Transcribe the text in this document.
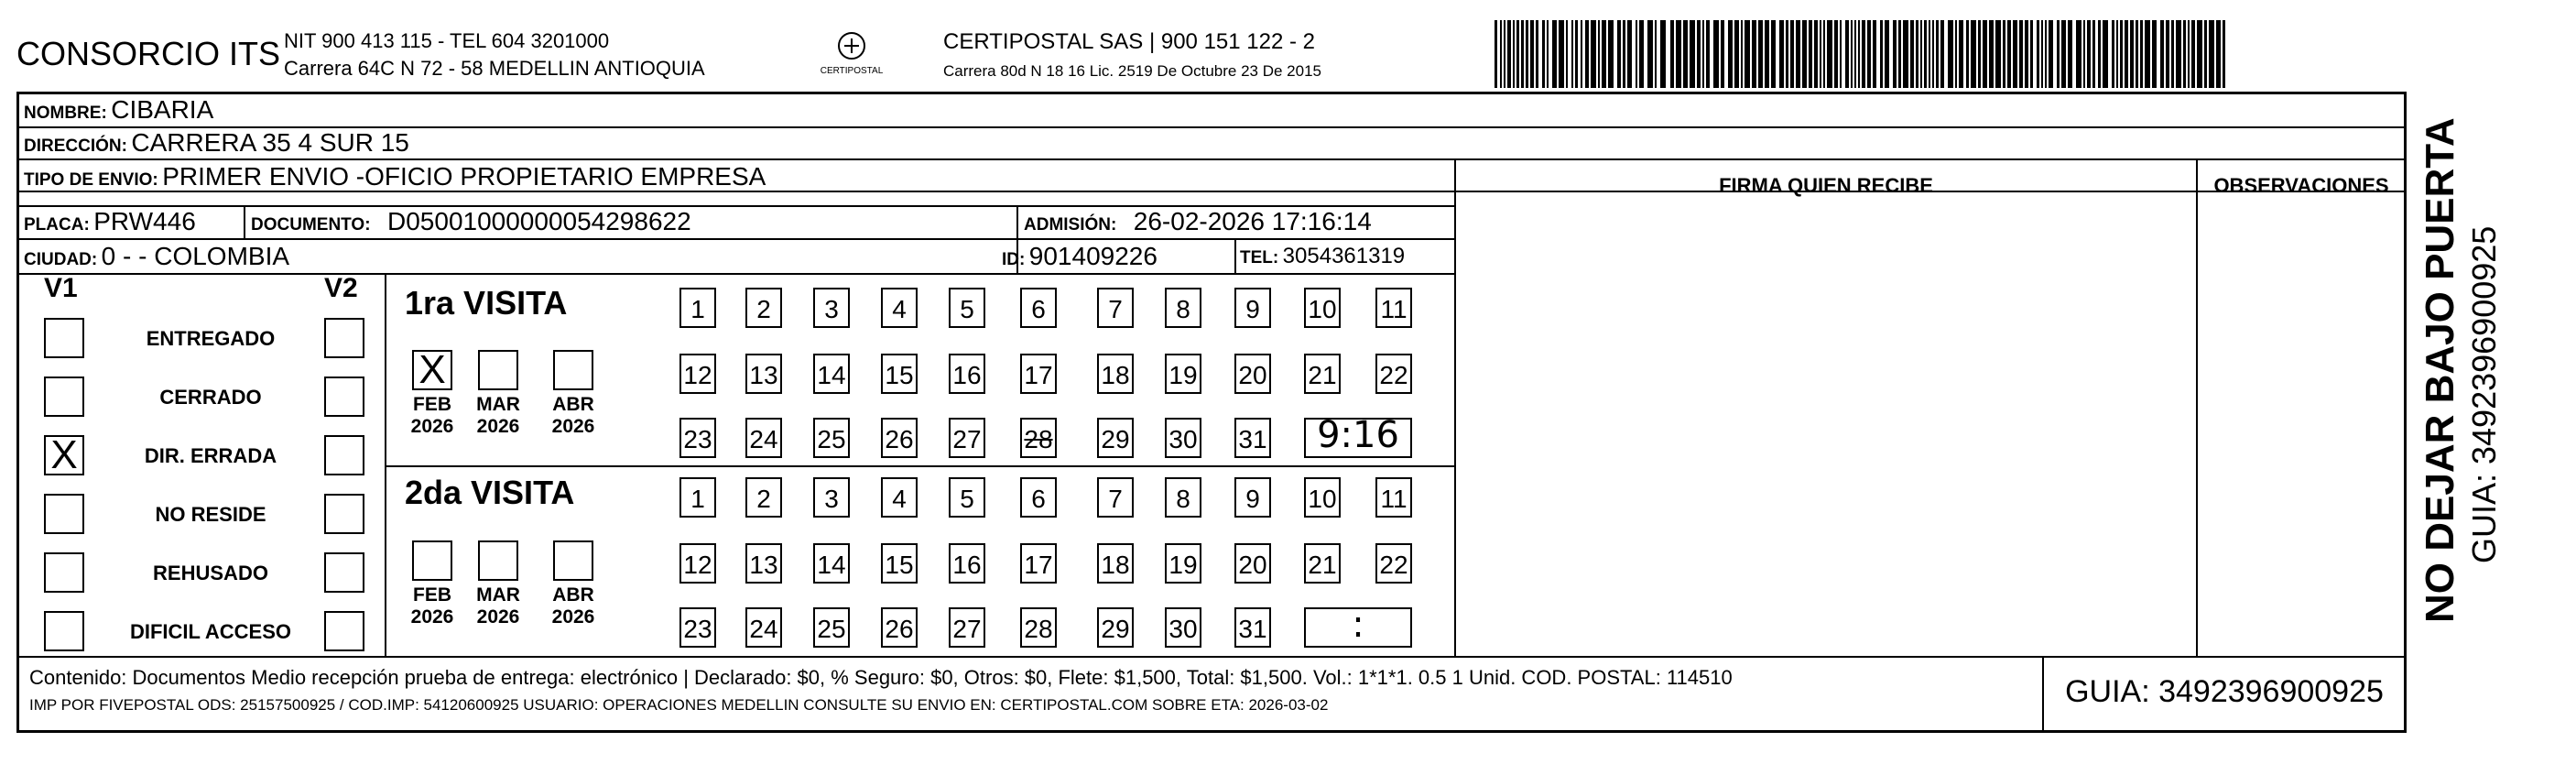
CONSORCIO ITS NIT 900 413 115 - TEL 604 3201000
Carrera 64C N 72 - 58 MEDELLIN ANTIOQUIA	CERTIPOSTAL
CERTIPOSTAL SAS | 900 151 122 - 2
Carrera 80d N 18 16 Lic. 2519 De Octubre 23 De 2015
NOMBRE: CIBARIA
DIRECCIÓN: CARRERA 35 4 SUR 15
TIPO DE ENVIO: PRIMER ENVIO -OFICIO PROPIETARIO EMPRESA	FIRMA QUIEN RECIBE	OBSERVACIONES
PLACA: PRW446	DOCUMENTO: D05001000000054298622	ADMISIÓN: 26-02-2026 17:16:14
CIUDAD: 0 - - COLOMBIA	ID: 901409226	TEL: 3054361319
V1	V2
ENTREGADO
CERRADO
X	DIR. ERRADA
NO RESIDE
REHUSADO
DIFICIL ACCESO
1ra VISITA
2da VISITA
X
FEB
2026
MAR
2026
ABR
2026
1	2	3	4	5	6	7	8	9	10 11
12 13 14 15 16 17 18 19 20 21 22
23 24 25 26 27 28 29 30 31	9:16
FEB
2026
MAR
2026
ABR
2026
1	2	3	4	5	6	7	8	9	10 11
12 13 14 15 16 17 18 19 20 21 22
23 24 25 26 27 28 29 30 31	:
NO DEJAR BAJO PUERTA GUIA: 3492396900925
Contenido: Documentos Medio recepción prueba de entrega: electrónico | Declarado: $0, % Seguro: $0, Otros: $0, Flete: $1,500, Total: $1,500. Vol.: 1*1*1. 0.5 1 Unid. COD. POSTAL: 114510
IMP POR FIVEPOSTAL ODS: 25157500925 / COD.IMP: 54120600925 USUARIO: OPERACIONES MEDELLIN CONSULTE SU ENVIO EN: CERTIPOSTAL.COM SOBRE ETA: 2026-03-02	GUIA: 3492396900925
